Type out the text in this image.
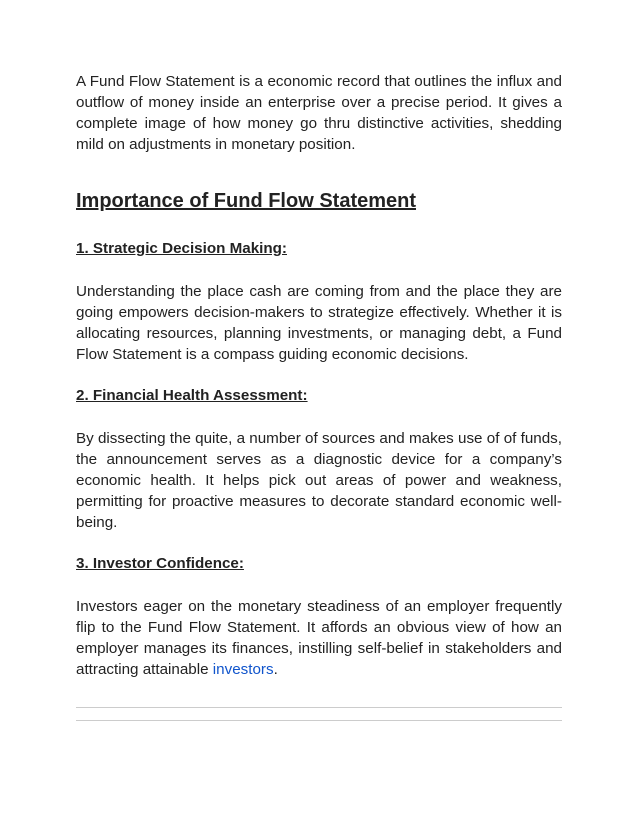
A Fund Flow Statement is a economic record that outlines the influx and outflow of money inside an enterprise over a precise period. It gives a complete image of how money go thru distinctive activities, shedding mild on adjustments in monetary position.

Importance of Fund Flow Statement
1. Strategic Decision Making:

Understanding the place cash are coming from and the place they are going empowers decision-makers to strategize effectively. Whether it is allocating resources, planning investments, or managing debt, a Fund Flow Statement is a compass guiding economic decisions.

2. Financial Health Assessment:

By dissecting the quite, a number of sources and makes use of of funds, the announcement serves as a diagnostic device for a company’s economic health. It helps pick out areas of power and weakness, permitting for proactive measures to decorate standard economic well-being.

3. Investor Confidence:

Investors eager on the monetary steadiness of an employer frequently flip to the Fund Flow Statement. It affords an obvious view of how an employer manages its finances, instilling self-belief in stakeholders and attracting attainable investors.
